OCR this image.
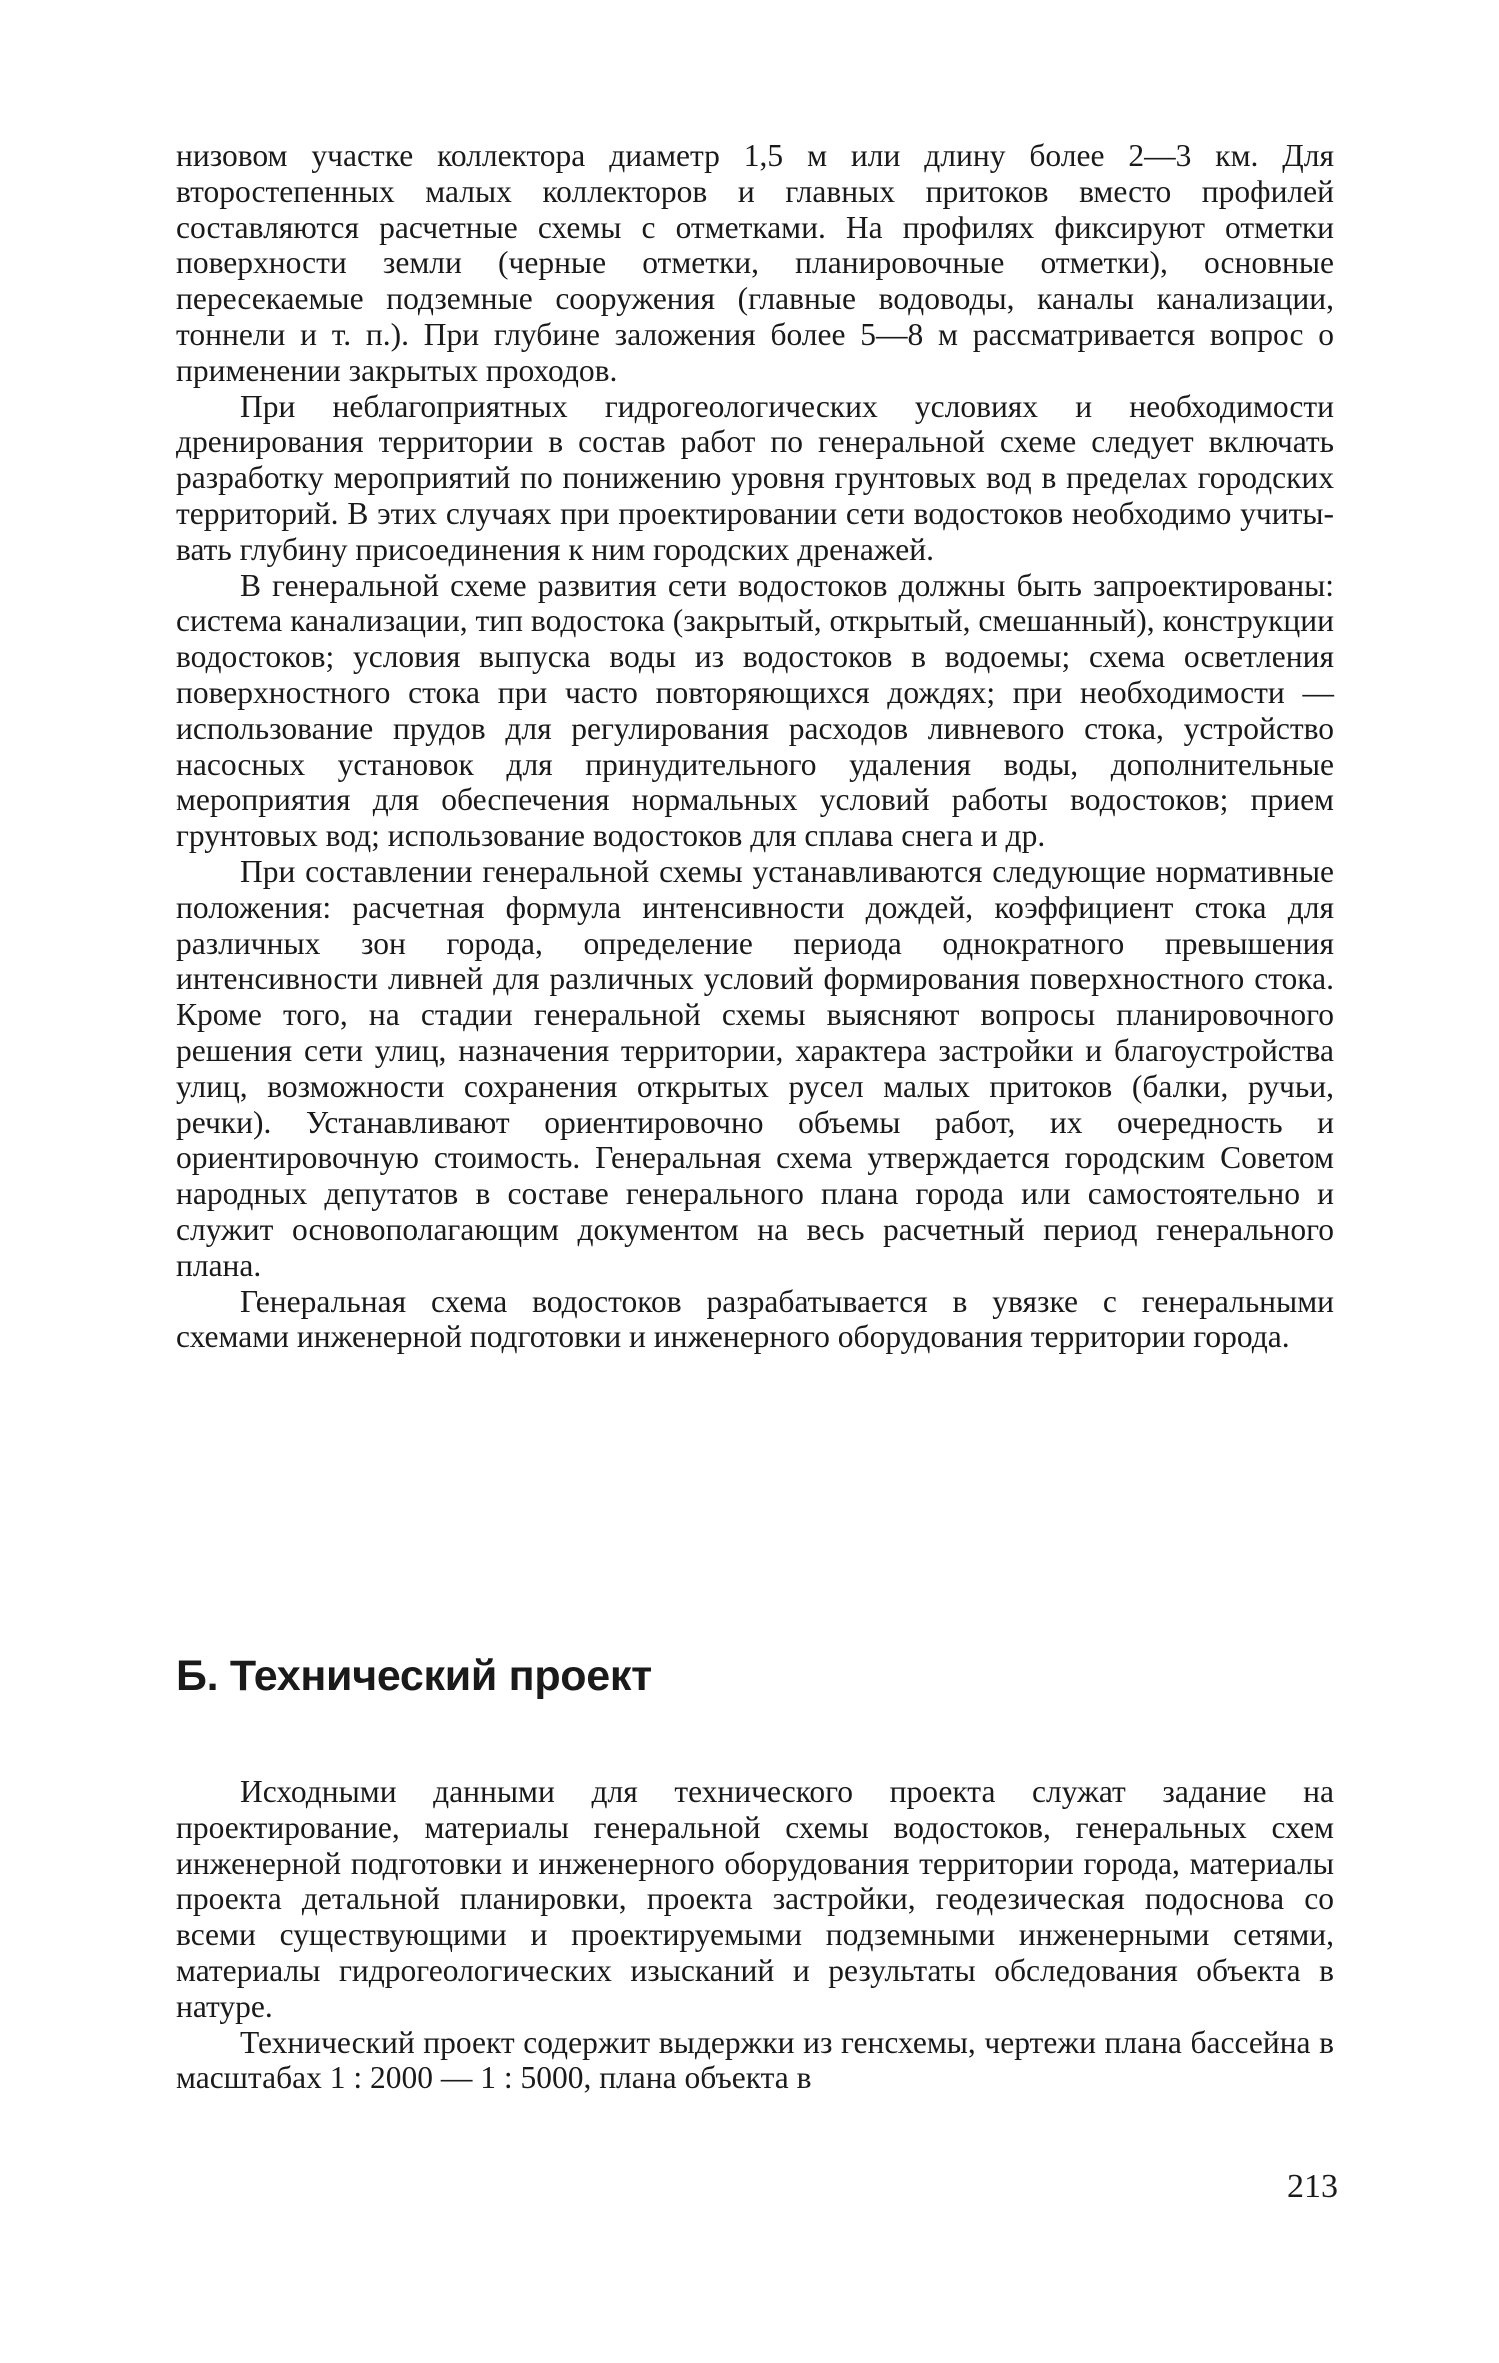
низовом участке коллектора диаметр 1,5 м или длину более 2—3 км. Для второстепенных малых коллекторов и главных притоков вместо профилей составляются расчетные схемы с отметками. На профилях фиксируют отметки поверхности земли (черные отметки, планировочные отметки), основные пересекаемые подземные сооружения (главные водоводы, каналы канализации, тоннели и т. п.). При глубине заложения более 5—8 м рассматривается вопрос о применении закрытых проходов.

При неблагоприятных гидрогеологических условиях и необходимости дренирования территории в состав работ по генеральной схеме следует включать разработку мероприятий по понижению уровня грунтовых вод в пределах городских территорий. В этих случаях при проектировании сети водостоков необходимо учитывать глубину присоединения к ним городских дренажей.

В генеральной схеме развития сети водостоков должны быть запроектированы: система канализации, тип водостока (закрытый, открытый, смешанный), конструкции водостоков; условия выпуска воды из водостоков в водоемы; схема осветления поверхностного стока при часто повторяющихся дождях; при необходимости — использование прудов для регулирования расходов ливневого стока, устройство насосных установок для принудительного удаления воды, дополнительные мероприятия для обеспечения нормальных условий работы водостоков; прием грунтовых вод; использование водостоков для сплава снега и др.

При составлении генеральной схемы устанавливаются следующие нормативные положения: расчетная формула интенсивности дождей, коэффициент стока для различных зон города, определение периода однократного превышения интенсивности ливней для различных условий формирования поверхностного стока. Кроме того, на стадии генеральной схемы выясняют вопросы планировочного решения сети улиц, назначения территории, характера застройки и благоустройства улиц, возможности сохранения открытых русел малых притоков (балки, ручьи, речки). Устанавливают ориентировочно объемы работ, их очередность и ориентировочную стоимость. Генеральная схема утверждается городским Советом народных депутатов в составе генерального плана города или самостоятельно и служит основополагающим документом на весь расчетный период генерального плана.

Генеральная схема водостоков разрабатывается в увязке с генеральными схемами инженерной подготовки и инженерного оборудования территории города.

Б. Технический проект

Исходными данными для технического проекта служат задание на проектирование, материалы генеральной схемы водостоков, генеральных схем инженерной подготовки и инженерного оборудования территории города, материалы проекта детальной планировки, проекта застройки, геодезическая подоснова со всеми существующими и проектируемыми подземными инженерными сетями, материалы гидрогеологических изысканий и результаты обследования объекта в натуре.

Технический проект содержит выдержки из генсхемы, чертежи плана бассейна в масштабах 1 : 2000 — 1 : 5000, плана объекта в

213
